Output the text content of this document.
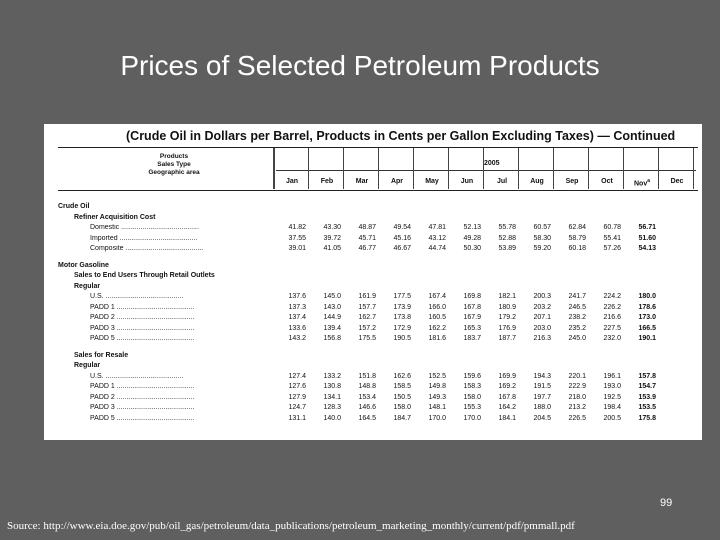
Prices of Selected Petroleum Products
(Crude Oil in Dollars per Barrel, Products in Cents per Gallon Excluding Taxes) — Continued
Products
Sales Type
Geographic area
2005
Jan	Feb	Mar	Apr	May	Jun	Jul	Aug	Sep	Oct	Nov$^a$	Dec
Crude Oil
Refiner Acquisition Cost
Domestic ........................................	41.82	43.30	48.87	49.54	47.81	52.13	55.78	60.57	62.84	60.78	56.71
Imported ........................................	37.55	39.72	45.71	45.16	43.12	49.28	52.88	58.30	58.79	55.41	51.60
Composite ........................................	39.01	41.05	46.77	46.67	44.74	50.30	53.89	59.20	60.18	57.26	54.13
Motor Gasoline
Sales to End Users Through Retail Outlets
Regular
U.S. ........................................	137.6	145.0	161.9	177.5	167.4	169.8	182.1	200.3	241.7	224.2	180.0
PADD 1 ........................................	137.3	143.0	157.7	173.9	166.0	167.8	180.9	203.2	246.5	226.2	178.6
PADD 2 ........................................	137.4	144.9	162.7	173.8	160.5	167.9	179.2	207.1	238.2	216.6	173.0
PADD 3 ........................................	133.6	139.4	157.2	172.9	162.2	165.3	176.9	203.0	235.2	227.5	166.5
PADD 5 ........................................	143.2	156.8	175.5	190.5	181.6	183.7	187.7	216.3	245.0	232.0	190.1
Sales for Resale
Regular
U.S. ........................................	127.4	133.2	151.8	162.6	152.5	159.6	169.9	194.3	220.1	196.1	157.8
PADD 1 ........................................	127.6	130.8	148.8	158.5	149.8	158.3	169.2	191.5	222.9	193.0	154.7
PADD 2 ........................................	127.9	134.1	153.4	150.5	149.3	158.0	167.8	197.7	218.0	192.5	153.9
PADD 3 ........................................	124.7	128.3	146.6	158.0	148.1	155.3	164.2	188.0	213.2	198.4	153.5
PADD 5 ........................................	131.1	140.0	164.5	184.7	170.0	170.0	184.1	204.5	226.5	200.5	175.8
99
Source: http://www.eia.doe.gov/pub/oil_gas/petroleum/data_publications/petroleum_marketing_monthly/current/pdf/pmmall.pdf
